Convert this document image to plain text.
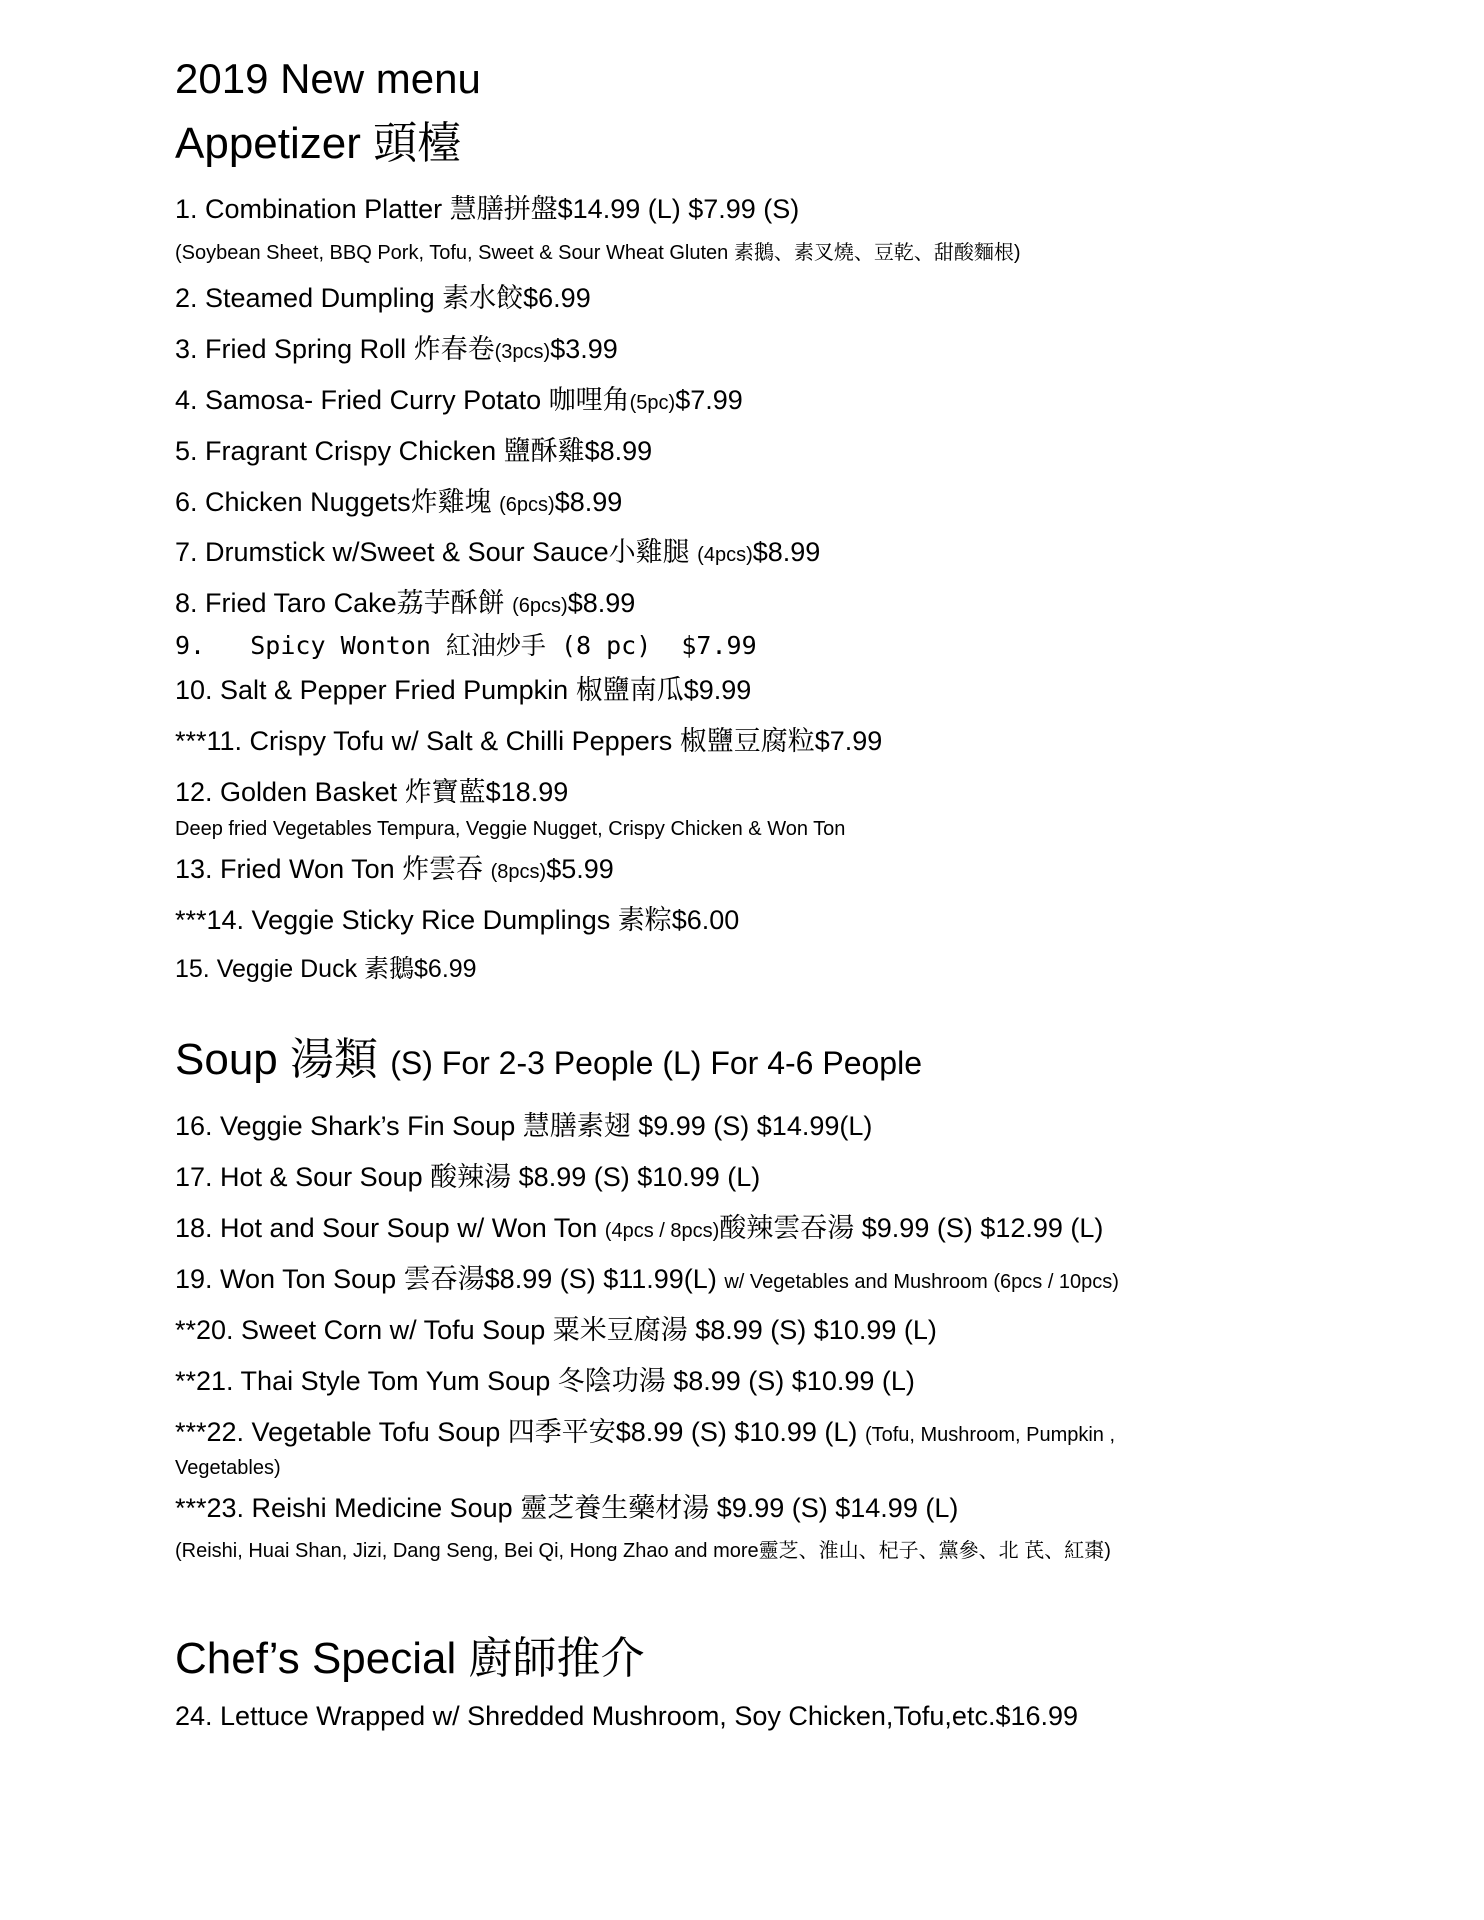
2019 New menu
Appetizer 頭檯
1. Combination Platter 慧膳拼盤$14.99 (L) $7.99 (S)
(Soybean Sheet, BBQ Pork, Tofu, Sweet & Sour Wheat Gluten 素鵝、素叉燒、豆乾、甜酸麵根)
2. Steamed Dumpling 素水餃$6.99
3. Fried Spring Roll 炸春卷(3pcs)$3.99
4. Samosa- Fried Curry Potato 咖哩角(5pc)$7.99
5. Fragrant Crispy Chicken 鹽酥雞$8.99
6. Chicken Nuggets炸雞塊 (6pcs)$8.99
7. Drumstick w/Sweet & Sour Sauce小雞腿 (4pcs)$8.99
8. Fried Taro Cake荔芋酥餅 (6pcs)$8.99
9.   Spicy Wonton 紅油炒手 (8 pc)  $7.99
10. Salt & Pepper Fried Pumpkin 椒鹽南瓜$9.99
***11. Crispy Tofu w/ Salt & Chilli Peppers 椒鹽豆腐粒$7.99
12. Golden Basket 炸寶藍$18.99
Deep fried Vegetables Tempura, Veggie Nugget, Crispy Chicken & Won Ton
13. Fried Won Ton 炸雲吞 (8pcs)$5.99
***14. Veggie Sticky Rice Dumplings 素粽$6.00
15. Veggie Duck 素鵝$6.99
Soup 湯類 (S) For 2-3 People (L) For 4-6 People
16. Veggie Shark’s Fin Soup 慧膳素翅 $9.99 (S) $14.99(L)
17. Hot & Sour Soup 酸辣湯 $8.99 (S) $10.99 (L)
18. Hot and Sour Soup w/ Won Ton (4pcs / 8pcs)酸辣雲吞湯 $9.99 (S) $12.99 (L)
19. Won Ton Soup 雲吞湯$8.99 (S) $11.99(L) w/ Vegetables and Mushroom (6pcs / 10pcs)
**20. Sweet Corn w/ Tofu Soup 粟米豆腐湯 $8.99 (S) $10.99 (L)
**21. Thai Style Tom Yum Soup 冬陰功湯 $8.99 (S) $10.99 (L)
***22. Vegetable Tofu Soup 四季平安$8.99 (S) $10.99 (L) (Tofu, Mushroom, Pumpkin ,
Vegetables)
***23. Reishi Medicine Soup 靈芝養生藥材湯 $9.99 (S) $14.99 (L)
(Reishi, Huai Shan, Jizi, Dang Seng, Bei Qi, Hong Zhao and more靈芝、淮山、杞子、黨參、北 芪、紅棗)
Chef’s Special 廚師推介
24. Lettuce Wrapped w/ Shredded Mushroom, Soy Chicken,Tofu,etc.$16.99
